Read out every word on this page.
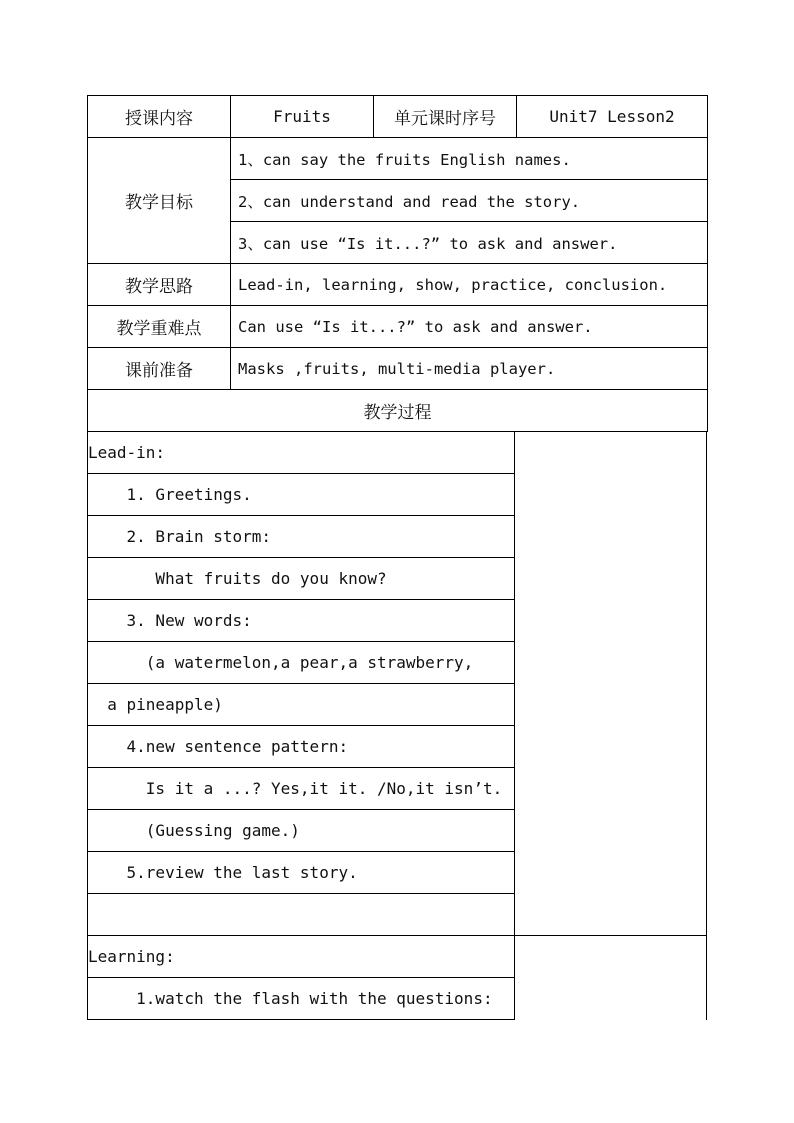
授课内容	Fruits	单元课时序号	Unit7 Lesson2
教学目标	1、can say the fruits English names.		
	2、can understand and read the story.		
	3、can use “Is it...?” to ask and answer.		
教学思路	Lead-in, learning, show, practice, conclusion.		
教学重难点	Can use “Is it...?” to ask and answer.		
课前准备	Masks ,fruits, multi-media player.		
教学过程			
Lead-in:
1. Greetings.
2. Brain storm:
What fruits do you know?
3. New words:
(a watermelon,a pear,a strawberry,
a pineapple)
4.new sentence pattern:
Is it a ...? Yes,it it. /No,it isn’t.
(Guessing game.)
5.review the last story.
Learning:
1.watch the flash with the questions:
